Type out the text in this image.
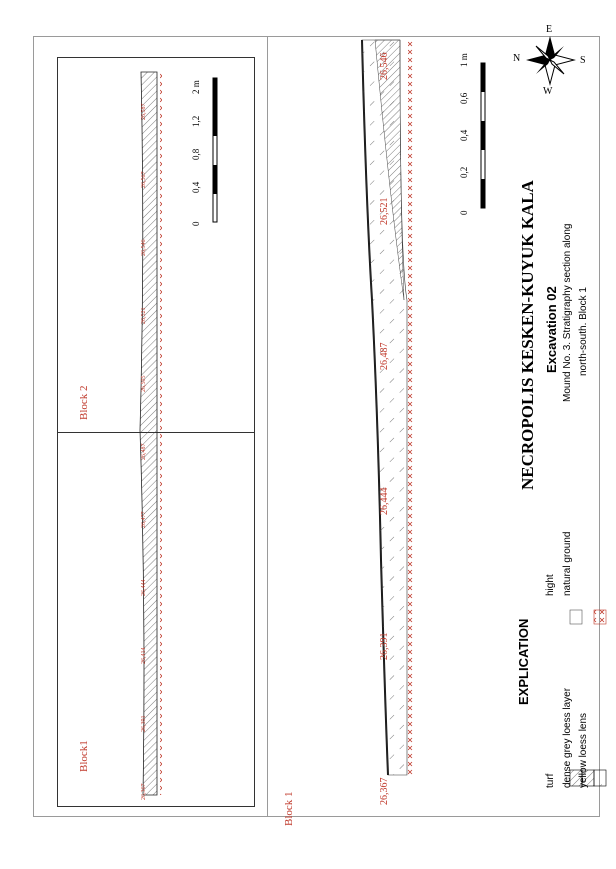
Block1
Block 2
26,367
26,391
26,414
26,444
26,477
26,487
26,505
26,521
26,546
26,567
26,587
0
0,4
0,8
1,2
2 m
Block 1
26,367
26,391
26,444
26,487
26,521
26,546
0
0,2
0,4
0,6
1 m
NECROPOLIS KESKEN-KUYUK KALA Excavation 02 Mound No. 3. Stratigraphy section along north-south. Block 1
EXPLICATION
turf dense grey loess layer yellow loess lens
hight natural ground
N
E
S
W
